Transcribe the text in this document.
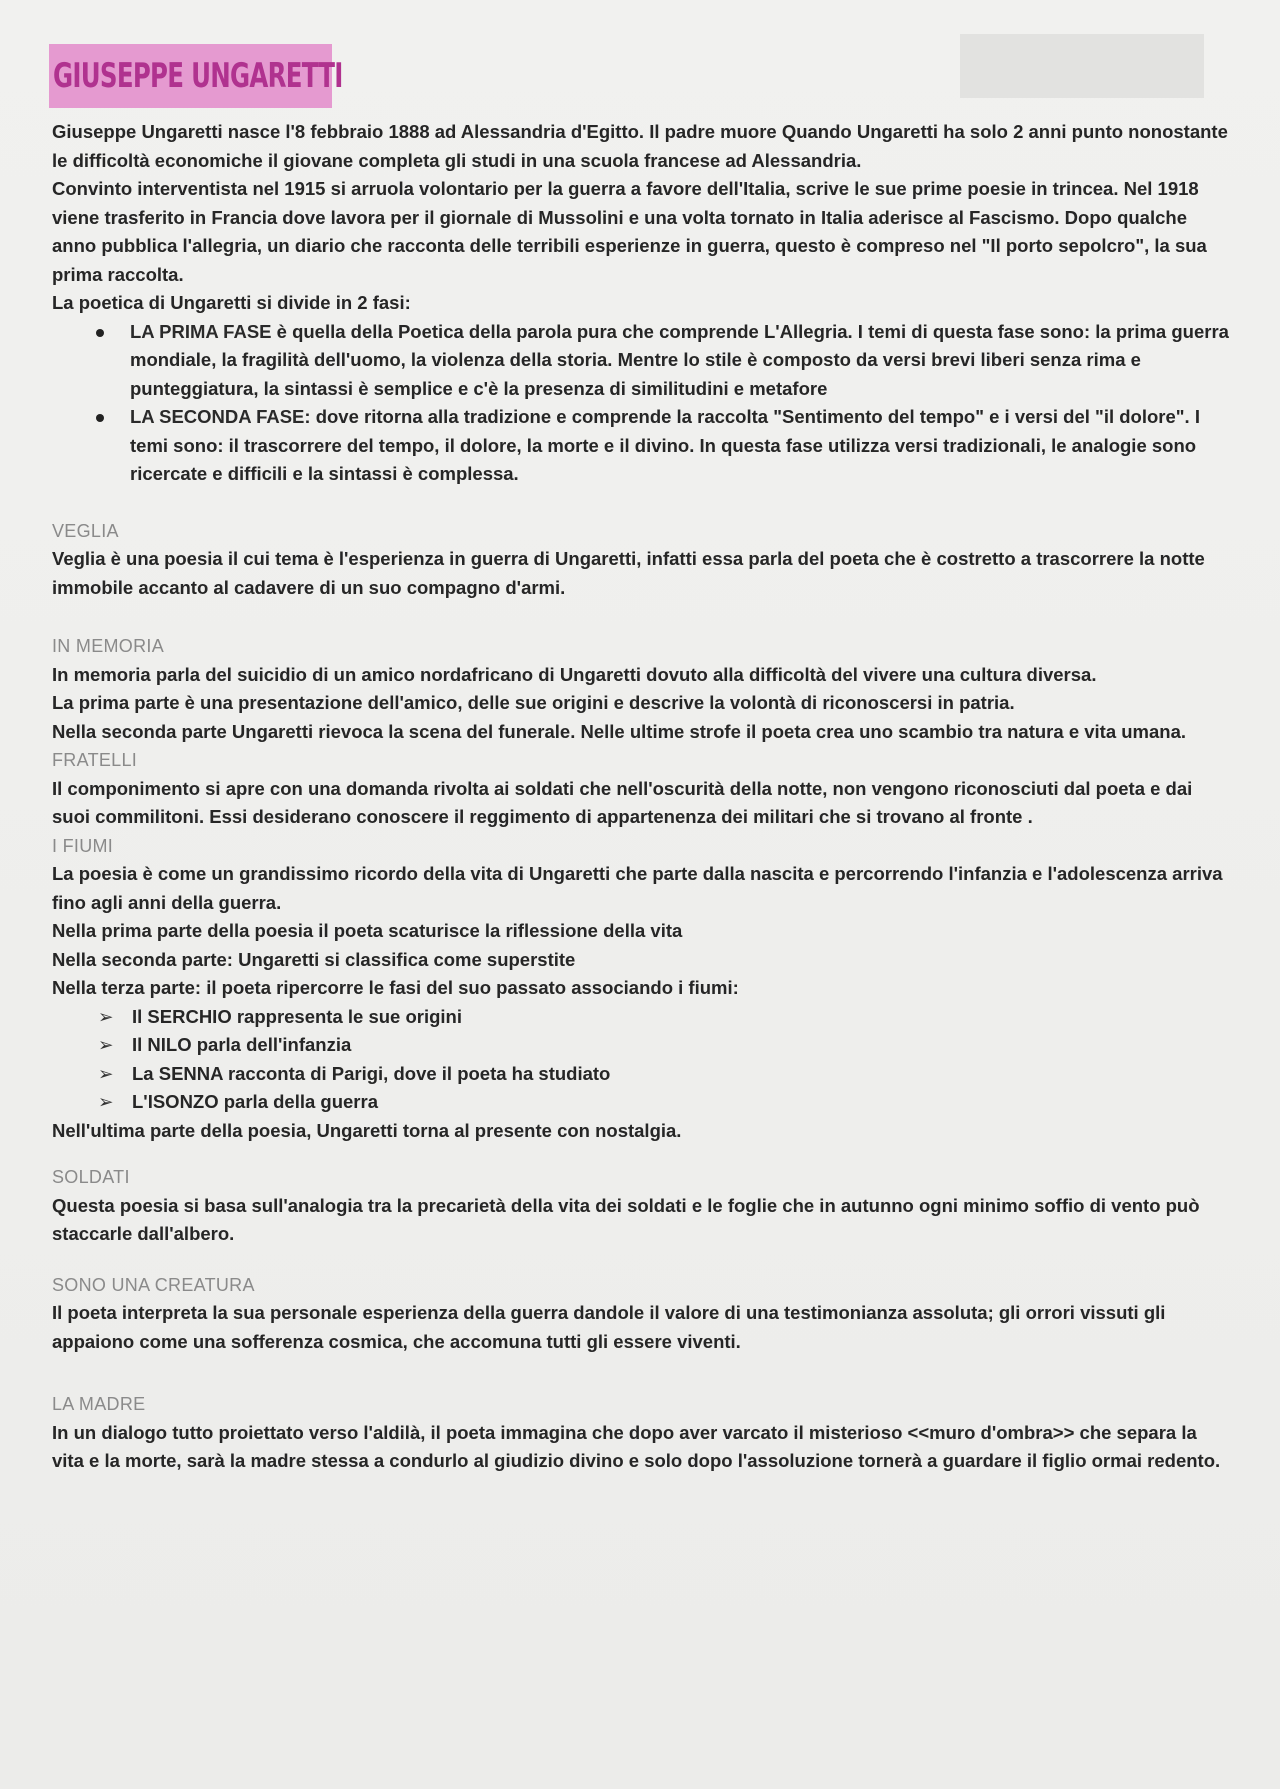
GIUSEPPE UNGARETTI

Giuseppe Ungaretti nasce l'8 febbraio 1888 ad Alessandria d'Egitto. Il padre muore Quando Ungaretti ha solo 2 anni punto nonostante le difficoltà economiche il giovane completa gli studi in una scuola francese ad Alessandria.

Convinto interventista nel 1915 si arruola volontario per la guerra a favore dell'Italia, scrive le sue prime poesie in trincea. Nel 1918 viene trasferito in Francia dove lavora per il giornale di Mussolini e una volta tornato in Italia aderisce al Fascismo. Dopo qualche anno pubblica l'allegria, un diario che racconta delle terribili esperienze in guerra, questo è compreso nel "Il porto sepolcro", la sua prima raccolta.

La poetica di Ungaretti si divide in 2 fasi:

LA PRIMA FASE è quella della Poetica della parola pura che comprende L'Allegria. I temi di questa fase sono: la prima guerra mondiale, la fragilità dell'uomo, la violenza della storia. Mentre lo stile è composto da versi brevi liberi senza rima e punteggiatura, la sintassi è semplice e c'è la presenza di similitudini e metafore
LA SECONDA FASE: dove ritorna alla tradizione e comprende la raccolta "Sentimento del tempo" e i versi del "il dolore". I temi sono: il trascorrere del tempo, il dolore, la morte e il divino. In questa fase utilizza versi tradizionali, le analogie sono ricercate e difficili e la sintassi è complessa.
VEGLIA

Veglia è una poesia il cui tema è l'esperienza in guerra di Ungaretti, infatti essa parla del poeta che è costretto a trascorrere la notte immobile accanto al cadavere di un suo compagno d'armi.

IN MEMORIA

In memoria parla del suicidio di un amico nordafricano di Ungaretti dovuto alla difficoltà del vivere una cultura diversa.

La prima parte è una presentazione dell'amico, delle sue origini e descrive la volontà di riconoscersi in patria.

Nella seconda parte Ungaretti rievoca la scena del funerale. Nelle ultime strofe il poeta crea uno scambio tra natura e vita umana.

FRATELLI

Il componimento si apre con una domanda rivolta ai soldati che nell'oscurità della notte, non vengono riconosciuti dal poeta e dai suoi commilitoni. Essi desiderano conoscere il reggimento di appartenenza dei militari che si trovano al fronte .

I FIUMI

La poesia è come un grandissimo ricordo della vita di Ungaretti che parte dalla nascita e percorrendo l'infanzia e l'adolescenza arriva fino agli anni della guerra.

Nella prima parte della poesia il poeta scaturisce la riflessione della vita

Nella seconda parte: Ungaretti si classifica come superstite

Nella terza parte: il poeta ripercorre le fasi del suo passato associando i fiumi:

➢ Il SERCHIO rappresenta le sue origini
➢ Il NILO parla dell'infanzia
➢ La SENNA racconta di Parigi, dove il poeta ha studiato
➢ L'ISONZO parla della guerra

Nell'ultima parte della poesia, Ungaretti torna al presente con nostalgia.

SOLDATI

Questa poesia si basa sull'analogia tra la precarietà della vita dei soldati e le foglie che in autunno ogni minimo soffio di vento può staccarle dall'albero.

SONO UNA CREATURA

Il poeta interpreta la sua personale esperienza della guerra dandole il valore di una testimonianza assoluta; gli orrori vissuti gli appaiono come una sofferenza cosmica, che accomuna tutti gli essere viventi.

LA MADRE

In un dialogo tutto proiettato verso l'aldilà, il poeta immagina che dopo aver varcato il misterioso <<muro d'ombra>> che separa la vita e la morte, sarà la madre stessa a condurlo al giudizio divino e solo dopo l'assoluzione tornerà a guardare il figlio ormai redento.
